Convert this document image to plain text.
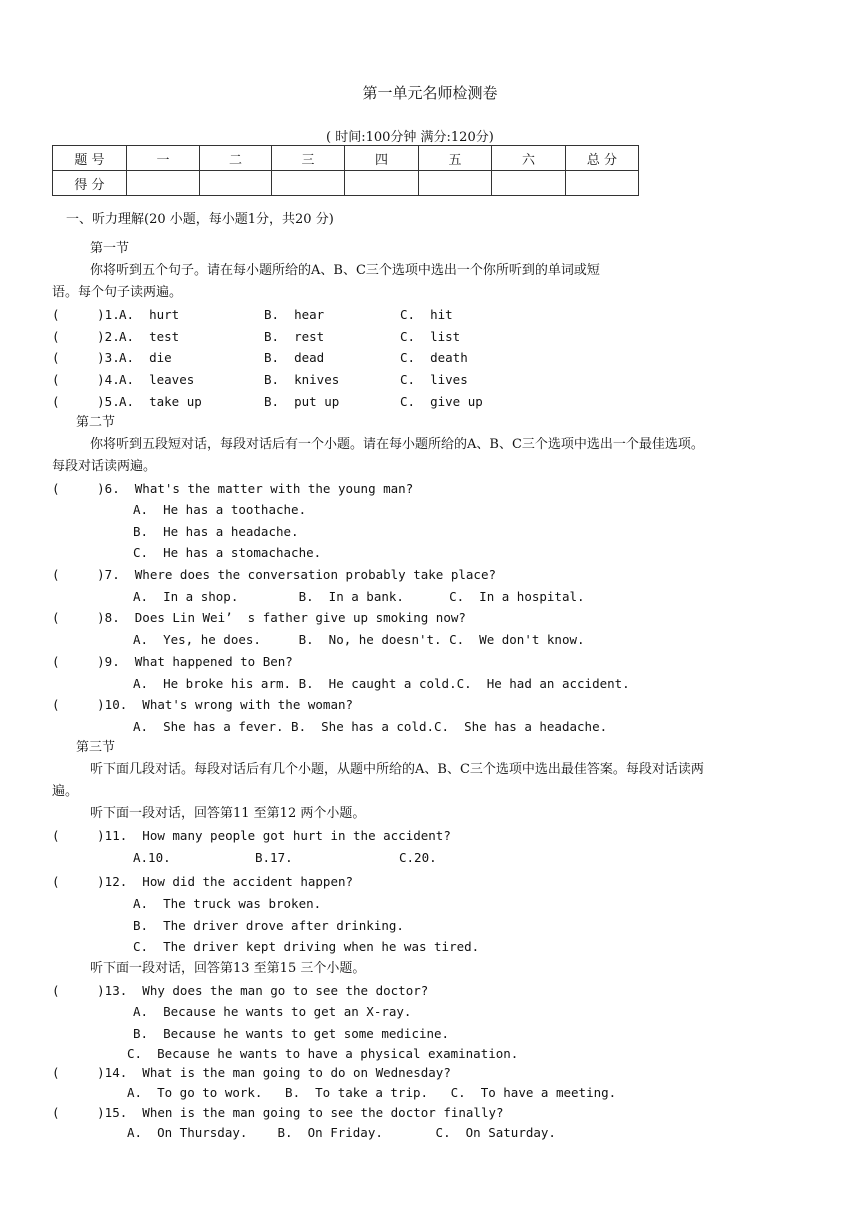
第一单元名师检测卷
( 时间:100分钟 满分:120分)
题 号	一	二	三	四	五	六	总 分
得 分							
一、听力理解(20 小题，每小题1分，共20 分)
第一节
你将听到五个句子。请在每小题所给的A、B、C三个选项中选出一个你所听到的单词或短
语。每个句子读两遍。
(     )1. A.  hurt	B.  hear	C.  hit
(     )2. A.  test	B.  rest	C.  list
(     )3. A.  die	B.  dead	C.  death
(     )4. A.  leaves	B.  knives	C.  lives
(     )5. A.  take up	B.  put up	C.  give up
第二节
你将听到五段短对话，每段对话后有一个小题。请在每小题所给的A、B、C三个选项中选出一个最佳选项。
每段对话读两遍。
(     )6.  What's the matter with the young man?
A.  He has a toothache.
B.  He has a headache.
C.  He has a stomachache.
(     )7.  Where does the conversation probably take place?
A.  In a shop.        B.  In a bank.      C.  In a hospital.
(     )8.  Does Lin Wei’  s father give up smoking now?
A.  Yes, he does.     B.  No, he doesn't. C.  We don't know.
(     )9.  What happened to Ben?
A.  He broke his arm. B.  He caught a cold.C.  He had an accident.
(     )10.  What's wrong with the woman?
A.  She has a fever. B.  She has a cold.C.  She has a headache.
第三节
听下面几段对话。每段对话后有几个小题，从题中所给的A、B、C三个选项中选出最佳答案。每段对话读两
遍。
听下面一段对话，回答第11 至第12 两个小题。
(     )11.  How many people got hurt in the accident?
A.10.	B.17.	C.20.
(     )12.  How did the accident happen?
A.  The truck was broken.
B.  The driver drove after drinking.
C.  The driver kept driving when he was tired.
听下面一段对话，回答第13 至第15 三个小题。
(     )13.  Why does the man go to see the doctor?
A.  Because he wants to get an X-ray.
B.  Because he wants to get some medicine.
C.  Because he wants to have a physical examination.
(     )14.  What is the man going to do on Wednesday?
A.  To go to work.   B.  To take a trip.   C.  To have a meeting.
(     )15.  When is the man going to see the doctor finally?
A.  On Thursday.    B.  On Friday.       C.  On Saturday.
